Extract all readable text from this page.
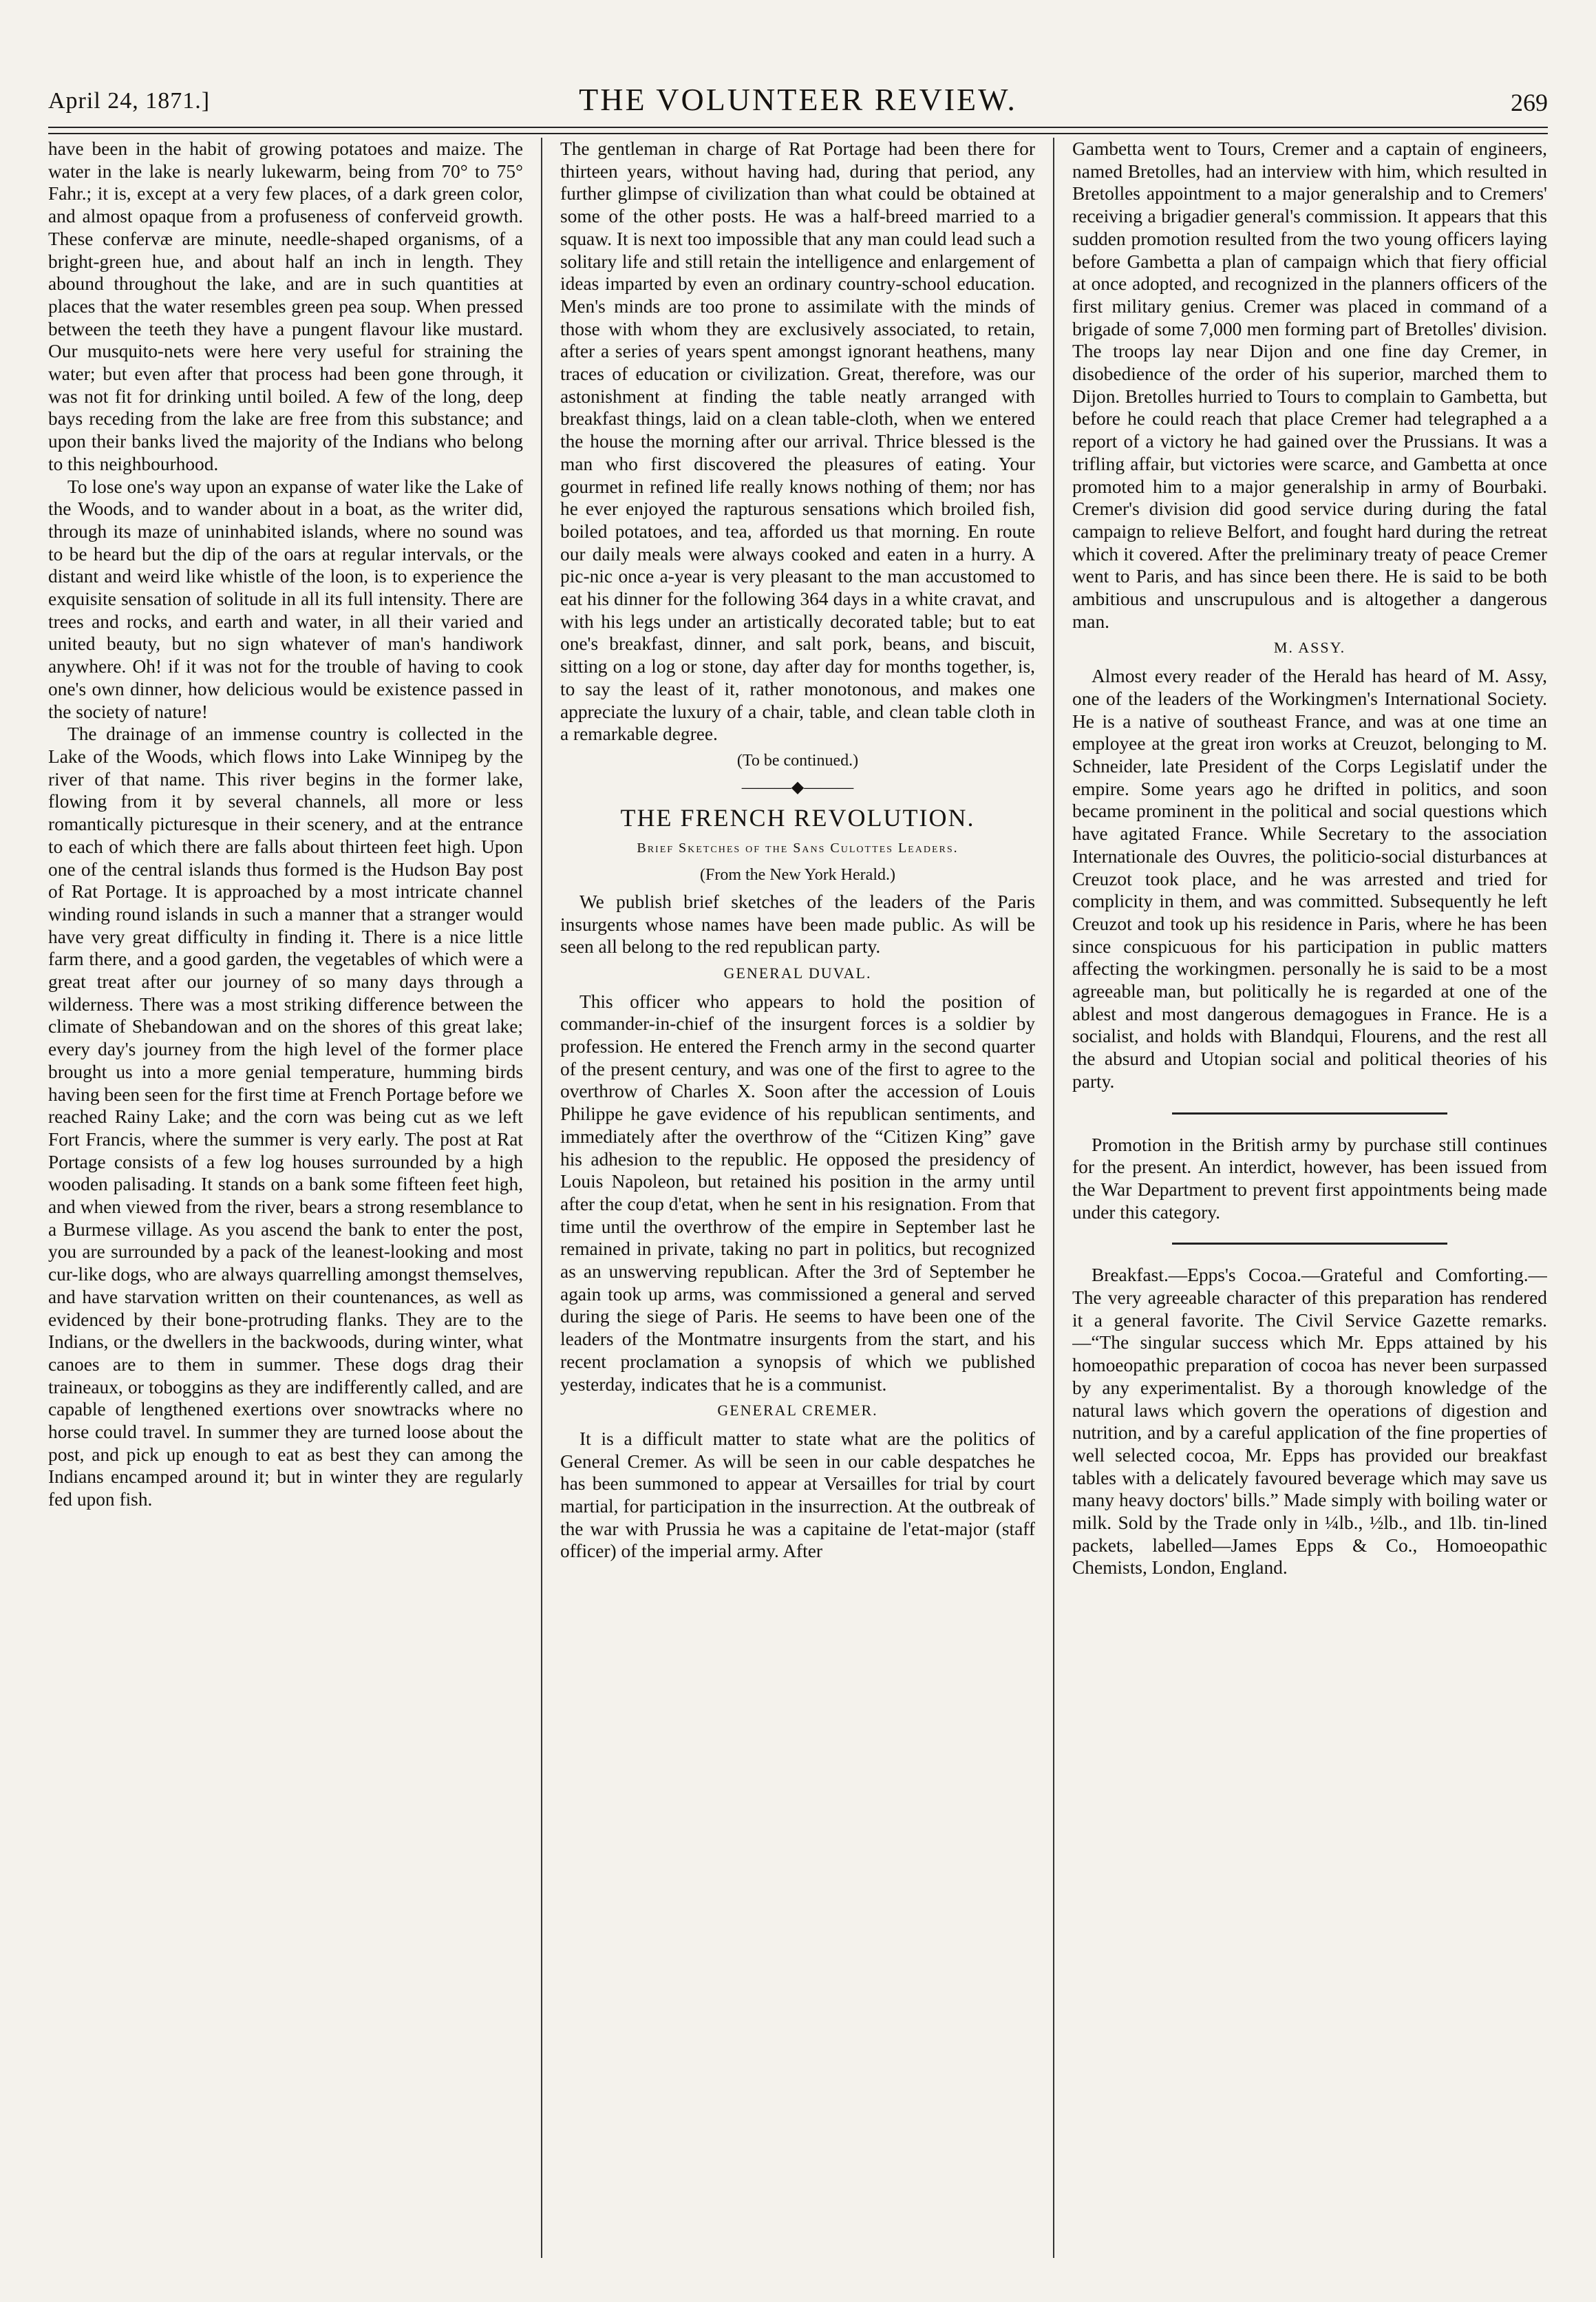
April 24, 1871.]	THE VOLUNTEER REVIEW.	269

have been in the habit of growing potatoes and maize. The water in the lake is nearly lukewarm, being from 70° to 75° Fahr.; it is, except at a very few places, of a dark green color, and almost opaque from a profuseness of conferveid growth. These confervæ are minute, needle-shaped organisms, of a bright-green hue, and about half an inch in length. They abound throughout the lake, and are in such quantities at places that the water resembles green pea soup. When pressed between the teeth they have a pungent flavour like mustard. Our musquito-nets were here very useful for straining the water; but even after that process had been gone through, it was not fit for drinking until boiled. A few of the long, deep bays receding from the lake are free from this substance; and upon their banks lived the majority of the Indians who belong to this neighbourhood.

To lose one's way upon an expanse of water like the Lake of the Woods, and to wander about in a boat, as the writer did, through its maze of uninhabited islands, where no sound was to be heard but the dip of the oars at regular intervals, or the distant and weird like whistle of the loon, is to experience the exquisite sensation of solitude in all its full intensity. There are trees and rocks, and earth and water, in all their varied and united beauty, but no sign whatever of man's handiwork anywhere. Oh! if it was not for the trouble of having to cook one's own dinner, how delicious would be existence passed in the society of nature!

The drainage of an immense country is collected in the Lake of the Woods, which flows into Lake Winnipeg by the river of that name. This river begins in the former lake, flowing from it by several channels, all more or less romantically picturesque in their scenery, and at the entrance to each of which there are falls about thirteen feet high. Upon one of the central islands thus formed is the Hudson Bay post of Rat Portage. It is approached by a most intricate channel winding round islands in such a manner that a stranger would have very great difficulty in finding it. There is a nice little farm there, and a good garden, the vegetables of which were a great treat after our journey of so many days through a wilderness. There was a most striking difference between the climate of Shebandowan and on the shores of this great lake; every day's journey from the high level of the former place brought us into a more genial temperature, humming birds having been seen for the first time at French Portage before we reached Rainy Lake; and the corn was being cut as we left Fort Francis, where the summer is very early. The post at Rat Portage consists of a few log houses surrounded by a high wooden palisading. It stands on a bank some fifteen feet high, and when viewed from the river, bears a strong resemblance to a Burmese village. As you ascend the bank to enter the post, you are surrounded by a pack of the leanest-looking and most cur-like dogs, who are always quarrelling amongst themselves, and have starvation written on their countenances, as well as evidenced by their bone-protruding flanks. They are to the Indians, or the dwellers in the backwoods, during winter, what canoes are to them in summer. These dogs drag their traineaux, or toboggins as they are indifferently called, and are capable of lengthened exertions over snowtracks where no horse could travel. In summer they are turned loose about the post, and pick up enough to eat as best they can among the Indians encamped around it; but in winter they are regularly fed upon fish.

The gentleman in charge of Rat Portage had been there for thirteen years, without having had, during that period, any further glimpse of civilization than what could be obtained at some of the other posts. He was a half-breed married to a squaw. It is next too impossible that any man could lead such a solitary life and still retain the intelligence and enlargement of ideas imparted by even an ordinary country-school education. Men's minds are too prone to assimilate with the minds of those with whom they are exclusively associated, to retain, after a series of years spent amongst ignorant heathens, many traces of education or civilization. Great, therefore, was our astonishment at finding the table neatly arranged with breakfast things, laid on a clean table-cloth, when we entered the house the morning after our arrival. Thrice blessed is the man who first discovered the pleasures of eating. Your gourmet in refined life really knows nothing of them; nor has he ever enjoyed the rapturous sensations which broiled fish, boiled potatoes, and tea, afforded us that morning. En route our daily meals were always cooked and eaten in a hurry. A pic-nic once a-year is very pleasant to the man accustomed to eat his dinner for the following 364 days in a white cravat, and with his legs under an artistically decorated table; but to eat one's breakfast, dinner, and salt pork, beans, and biscuit, sitting on a log or stone, day after day for months together, is, to say the least of it, rather monotonous, and makes one appreciate the luxury of a chair, table, and clean table cloth in a remarkable degree.

(To be continued.)
———◆———
THE FRENCH REVOLUTION.
Brief Sketches of the Sans Culottes Leaders.
(From the New York Herald.)

We publish brief sketches of the leaders of the Paris insurgents whose names have been made public. As will be seen all belong to the red republican party.

GENERAL DUVAL.

This officer who appears to hold the position of commander-in-chief of the insurgent forces is a soldier by profession. He entered the French army in the second quarter of the present century, and was one of the first to agree to the overthrow of Charles X. Soon after the accession of Louis Philippe he gave evidence of his republican sentiments, and immediately after the overthrow of the “Citizen King” gave his adhesion to the republic. He opposed the presidency of Louis Napoleon, but retained his position in the army until after the coup d'etat, when he sent in his resignation. From that time until the overthrow of the empire in September last he remained in private, taking no part in politics, but recognized as an unswerving republican. After the 3rd of September he again took up arms, was commissioned a general and served during the siege of Paris. He seems to have been one of the leaders of the Montmatre insurgents from the start, and his recent proclamation a synopsis of which we published yesterday, indicates that he is a communist.

GENERAL CREMER.

It is a difficult matter to state what are the politics of General Cremer. As will be seen in our cable despatches he has been summoned to appear at Versailles for trial by court martial, for participation in the insurrection. At the outbreak of the war with Prussia he was a capitaine de l'etat-major (staff officer) of the imperial army. After

Gambetta went to Tours, Cremer and a captain of engineers, named Bretolles, had an interview with him, which resulted in Bretolles appointment to a major generalship and to Cremers' receiving a brigadier general's commission. It appears that this sudden promotion resulted from the two young officers laying before Gambetta a plan of campaign which that fiery official at once adopted, and recognized in the planners officers of the first military genius. Cremer was placed in command of a brigade of some 7,000 men forming part of Bretolles' division. The troops lay near Dijon and one fine day Cremer, in disobedience of the order of his superior, marched them to Dijon. Bretolles hurried to Tours to complain to Gambetta, but before he could reach that place Cremer had telegraphed a a report of a victory he had gained over the Prussians. It was a trifling affair, but victories were scarce, and Gambetta at once promoted him to a major generalship in army of Bourbaki. Cremer's division did good service during during the fatal campaign to relieve Belfort, and fought hard during the retreat which it covered. After the preliminary treaty of peace Cremer went to Paris, and has since been there. He is said to be both ambitious and unscrupulous and is altogether a dangerous man.

M. ASSY.

Almost every reader of the Herald has heard of M. Assy, one of the leaders of the Workingmen's International Society. He is a native of southeast France, and was at one time an employee at the great iron works at Creuzot, belonging to M. Schneider, late President of the Corps Legislatif under the empire. Some years ago he drifted in politics, and soon became prominent in the political and social questions which have agitated France. While Secretary to the association Internationale des Ouvres, the politicio-social disturbances at Creuzot took place, and he was arrested and tried for complicity in them, and was committed. Subsequently he left Creuzot and took up his residence in Paris, where he has been since conspicuous for his participation in public matters affecting the workingmen. personally he is said to be a most agreeable man, but politically he is regarded at one of the ablest and most dangerous demagogues in France. He is a socialist, and holds with Blandqui, Flourens, and the rest all the absurd and Utopian social and political theories of his party.

Promotion in the British army by purchase still continues for the present. An interdict, however, has been issued from the War Department to prevent first appointments being made under this category.

Breakfast.—Epps's Cocoa.—Grateful and Comforting.—The very agreeable character of this preparation has rendered it a general favorite. The Civil Service Gazette remarks.—“The singular success which Mr. Epps attained by his homoeopathic preparation of cocoa has never been surpassed by any experimentalist. By a thorough knowledge of the natural laws which govern the operations of digestion and nutrition, and by a careful application of the fine properties of well selected cocoa, Mr. Epps has provided our breakfast tables with a delicately favoured beverage which may save us many heavy doctors' bills.” Made simply with boiling water or milk. Sold by the Trade only in ¼lb., ½lb., and 1lb. tin-lined packets, labelled—James Epps & Co., Homoeopathic Chemists, London, England.
